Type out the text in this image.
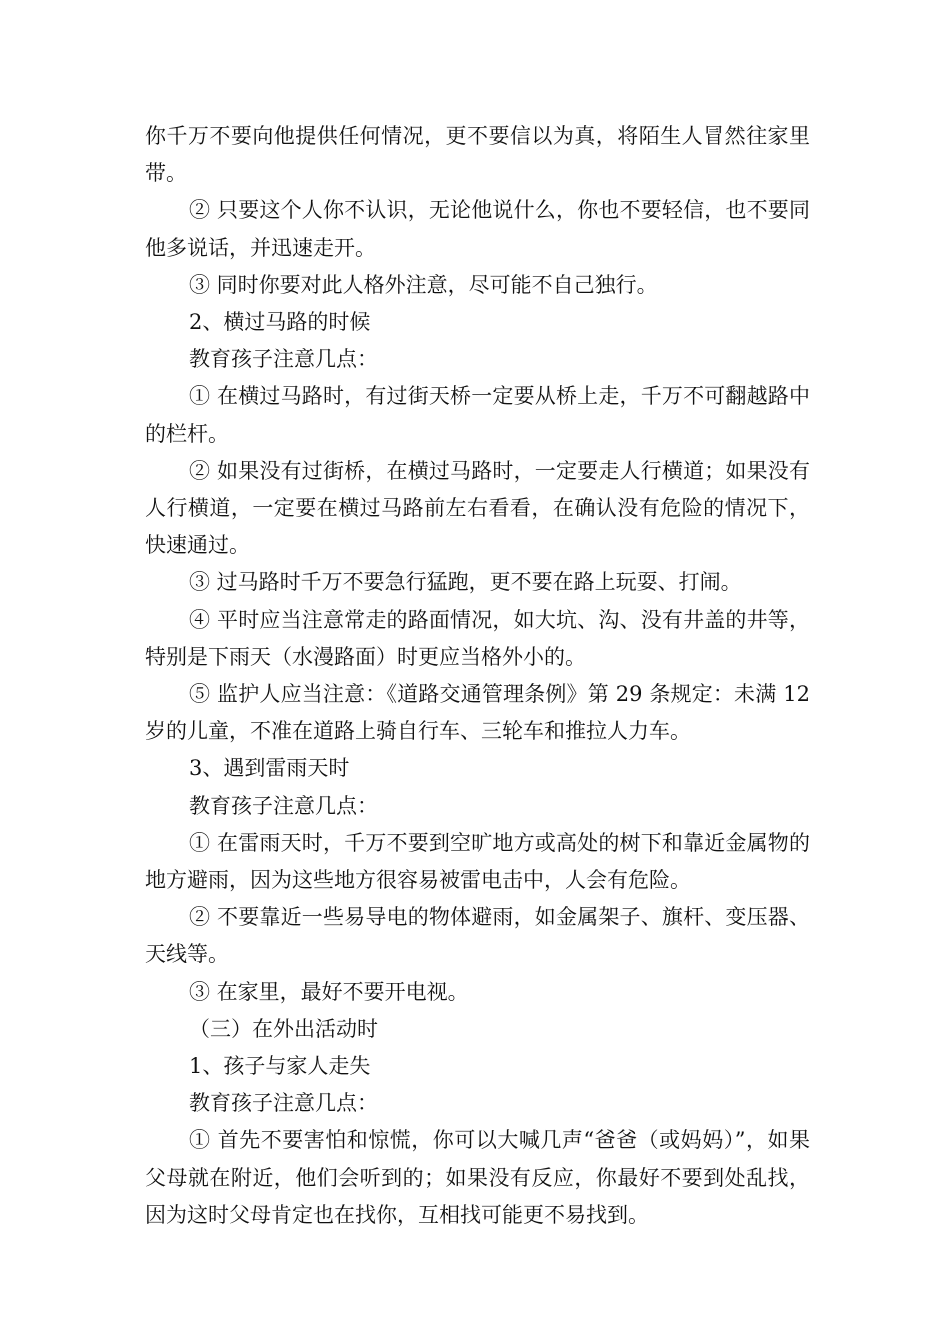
你千万不要向他提供任何情况，更不要信以为真，将陌生人冒然往家里带。

② 只要这个人你不认识，无论他说什么，你也不要轻信，也不要同他多说话，并迅速走开。

③ 同时你要对此人格外注意，尽可能不自己独行。

2、横过马路的时候

教育孩子注意几点：

① 在横过马路时，有过街天桥一定要从桥上走，千万不可翻越路中的栏杆。

② 如果没有过街桥，在横过马路时，一定要走人行横道；如果没有人行横道，一定要在横过马路前左右看看，在确认没有危险的情况下，快速通过。

③ 过马路时千万不要急行猛跑，更不要在路上玩耍、打闹。

④ 平时应当注意常走的路面情况，如大坑、沟、没有井盖的井等，特别是下雨天（水漫路面）时更应当格外小的。

⑤ 监护人应当注意：《道路交通管理条例》第 29 条规定：未满 12 岁的儿童，不准在道路上骑自行车、三轮车和推拉人力车。

3、遇到雷雨天时

教育孩子注意几点：

① 在雷雨天时，千万不要到空旷地方或高处的树下和靠近金属物的地方避雨，因为这些地方很容易被雷电击中，人会有危险。

② 不要靠近一些易导电的物体避雨，如金属架子、旗杆、变压器、天线等。

③ 在家里，最好不要开电视。

（三）在外出活动时

1、孩子与家人走失

教育孩子注意几点：

① 首先不要害怕和惊慌，你可以大喊几声“爸爸（或妈妈）”，如果父母就在附近，他们会听到的；如果没有反应，你最好不要到处乱找，因为这时父母肯定也在找你，互相找可能更不易找到。
